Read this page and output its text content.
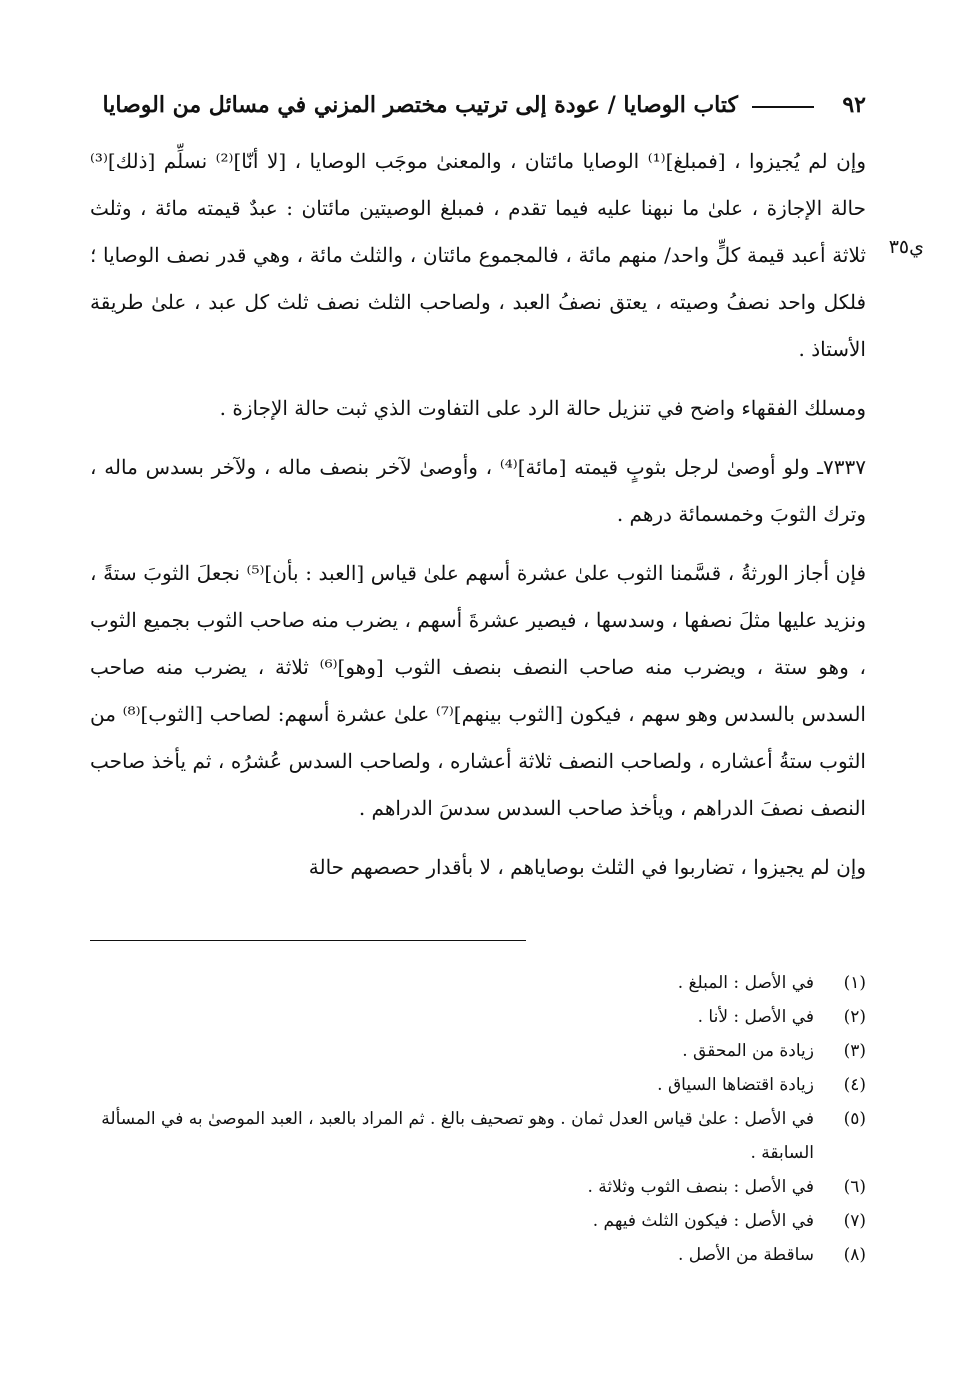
٩٢
كتاب الوصايا / عودة إلى ترتيب مختصر المزني في مسائل من الوصايا
ي٣٥

وإن لم يُجيزوا ، [فمبلغ]⁽¹⁾ الوصايا مائتان ، والمعنىٰ موجَب الوصايا ، [لا أنّا]⁽²⁾ نسلِّم [ذلك]⁽³⁾ حالة الإجازة ، علىٰ ما نبهنا عليه فيما تقدم ، فمبلغ الوصيتين مائتان : عبدٌ قيمته مائة ، وثلث ثلاثة أعبد قيمة كلٍّ واحد/ منهم مائة ، فالمجموع مائتان ، والثلث مائة ، وهي قدر نصف الوصايا ؛ فلكل واحد نصفُ وصيته ، يعتق نصفُ العبد ، ولصاحب الثلث نصف ثلث كل عبد ، علىٰ طريقة الأستاذ .

ومسلك الفقهاء واضح في تنزيل حالة الرد على التفاوت الذي ثبت حالة الإجازة .

٧٣٣٧ـ ولو أوصىٰ لرجل بثوبٍ قيمته [مائة]⁽⁴⁾ ، وأوصىٰ لآخر بنصف ماله ، ولآخر بسدس ماله ، وترك الثوبَ وخمسمائة درهم .

فإن أجاز الورثةُ ، قسَّمنا الثوب علىٰ عشرة أسهم علىٰ قياس [العبد : بأن]⁽⁵⁾ نجعلَ الثوبَ ستةً ، ونزيد عليها مثلَ نصفها ، وسدسها ، فيصير عشرةَ أسهم ، يضرب منه صاحب الثوب بجميع الثوب ، وهو ستة ، ويضرب منه صاحب النصف بنصف الثوب [وهو]⁽⁶⁾ ثلاثة ، يضرب منه صاحب السدس بالسدس وهو سهم ، فيكون [الثوب بينهم]⁽⁷⁾ علىٰ عشرة أسهم: لصاحب [الثوب]⁽⁸⁾ من الثوب ستةُ أعشاره ، ولصاحب النصف ثلاثة أعشاره ، ولصاحب السدس عُشرُه ، ثم يأخذ صاحب النصف نصفَ الدراهم ، ويأخذ صاحب السدس سدسَ الدراهم .

وإن لم يجيزوا ، تضاربوا في الثلث بوصاياهم ، لا بأقدار حصصهم حالة

(١)
في الأصل : المبلغ .
(٢)
في الأصل : لأنا .
(٣)
زيادة من المحقق .
(٤)
زيادة اقتضاها السياق .
(٥)
في الأصل : علىٰ قياس العدل ثمان . وهو تصحيف بالغ . ثم المراد بالعبد ، العبد الموصىٰ به في المسألة السابقة .
(٦)
في الأصل : بنصف الثوب وثلاثة .
(٧)
في الأصل : فيكون الثلث فيهم .
(٨)
ساقطة من الأصل .
